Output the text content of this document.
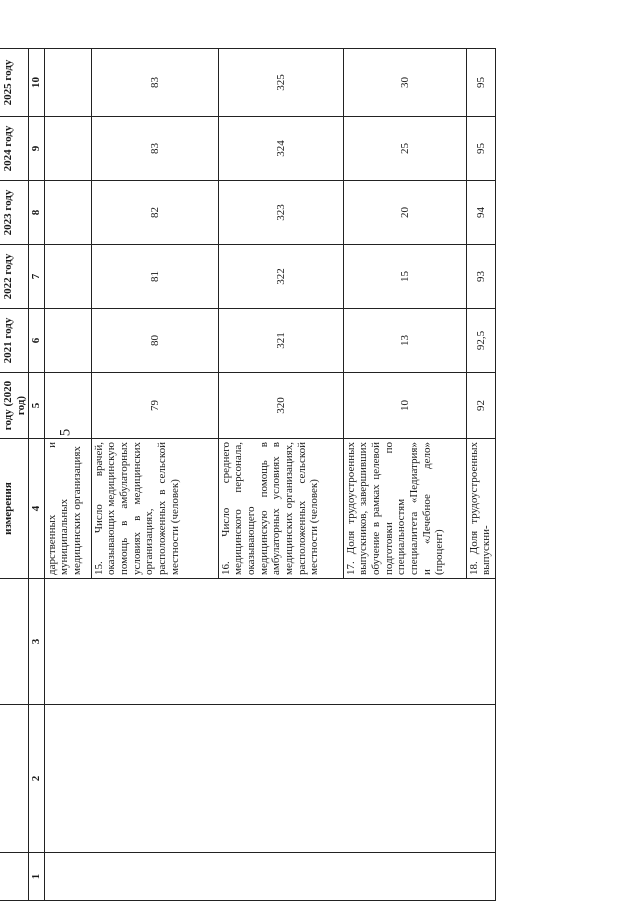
5

			измерения	году (2020 год)	2021 году	2022 году	2023 году	2024 году	2025 году
1	2	3	4	5	6	7	8	9	10
			дарственных и муниципальных медицинских организациях						
			15. Число врачей, оказывающих медицинскую помощь в амбулаторных условиях в медицинских организациях, расположенных в сельской местности (человек)	79	80	81	82	83	83
			16. Число среднего медицинского персонала, оказывающего медицинскую помощь в амбулаторных условиях в медицинских организациях, расположенных сельской местности (человек)	320	321	322	323	324	325
			17. Доля трудоустроенных выпускников, завершивших обучение в рамках целевой подготовки по специальностям специалитета «Педиатрия» и «Лечебное дело» (процент)	10	13	15	20	25	30
			18. Доля трудоустроенных выпускни-	92	92,5	93	94	95	95
